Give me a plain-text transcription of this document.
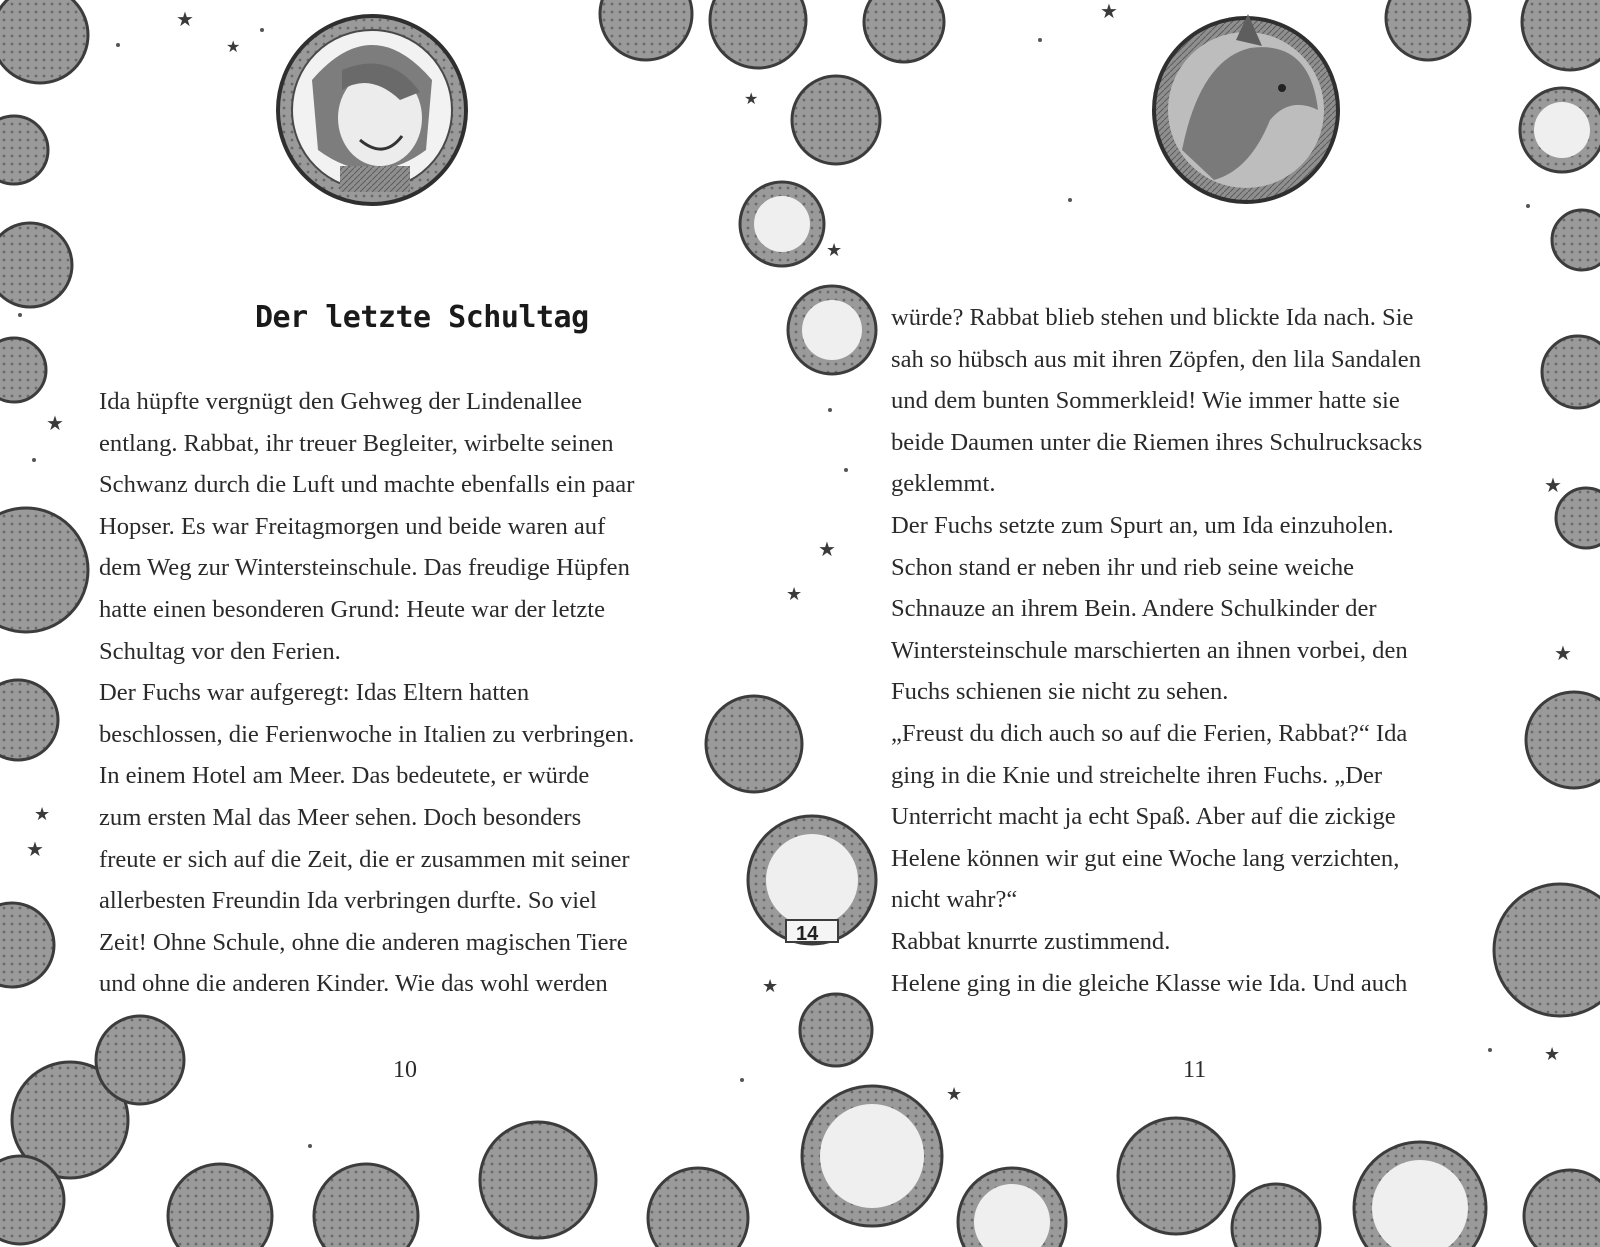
14
★
★
★
★
★
★
★
★
★
★
★
★
★
★
★
Der letzte Schultag
Ida hüpfte vergnügt den Gehweg der Lindenallee
entlang. Rabbat, ihr treuer Begleiter, wirbelte seinen
Schwanz durch die Luft und machte ebenfalls ein paar
Hopser. Es war Freitagmorgen und beide waren auf
dem Weg zur Wintersteinschule. Das freudige Hüpfen
hatte einen besonderen Grund: Heute war der letzte
Schultag vor den Ferien.
Der Fuchs war aufgeregt: Idas Eltern hatten
beschlossen, die Ferienwoche in Italien zu verbringen.
In einem Hotel am Meer. Das bedeutete, er würde
zum ersten Mal das Meer sehen. Doch besonders
freute er sich auf die Zeit, die er zusammen mit seiner
allerbesten Freundin Ida verbringen durfte. So viel
Zeit! Ohne Schule, ohne die anderen magischen Tiere
und ohne die anderen Kinder. Wie das wohl werden
10
würde? Rabbat blieb stehen und blickte Ida nach. Sie
sah so hübsch aus mit ihren Zöpfen, den lila Sandalen
und dem bunten Sommerkleid! Wie immer hatte sie
beide Daumen unter die Riemen ihres Schulrucksacks
geklemmt.
Der Fuchs setzte zum Spurt an, um Ida einzuholen.
Schon stand er neben ihr und rieb seine weiche
Schnauze an ihrem Bein. Andere Schulkinder der
Wintersteinschule marschierten an ihnen vorbei, den
Fuchs schienen sie nicht zu sehen.
„Freust du dich auch so auf die Ferien, Rabbat?“ Ida
ging in die Knie und streichelte ihren Fuchs. „Der
Unterricht macht ja echt Spaß. Aber auf die zickige
Helene können wir gut eine Woche lang verzichten,
nicht wahr?“
Rabbat knurrte zustimmend.
Helene ging in die gleiche Klasse wie Ida. Und auch
11
